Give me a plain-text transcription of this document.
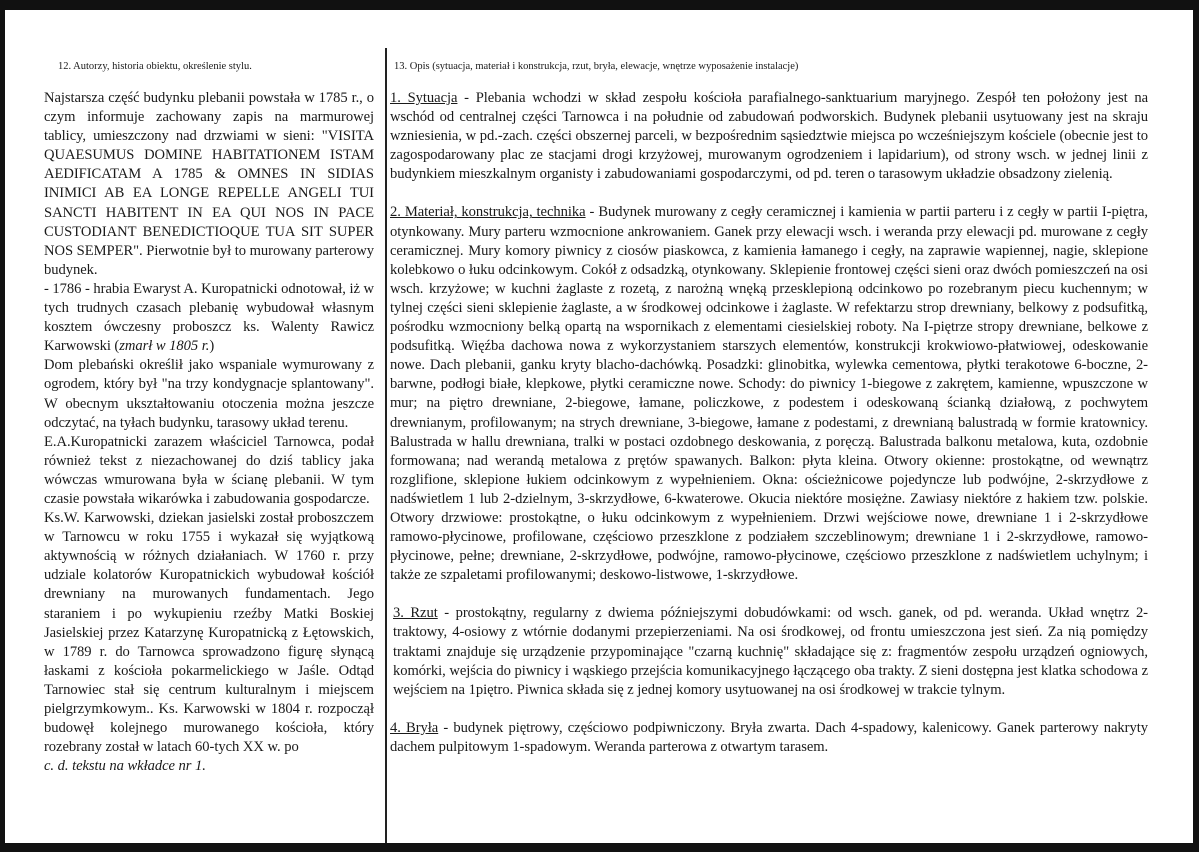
12. Autorzy, historia obiektu, określenie stylu.

Najstarsza część budynku plebanii powstała w 1785 r., o czym informuje zachowany zapis na marmurowej tablicy, umieszczony nad drzwiami w sieni: "VISITA QUAESUMUS DOMINE HABITATIONEM ISTAM AEDIFICATAM A 1785 & OMNES IN SIDIAS INIMICI AB EA LONGE REPELLE ANGELI TUI SANCTI HABITENT IN EA QUI NOS IN PACE CUSTODIANT BENEDICTIOQUE TUA SIT SUPER NOS SEMPER". Pierwotnie był to murowany parterowy budynek.

- 1786 - hrabia Ewaryst A. Kuropatnicki odnotował, iż w tych trudnych czasach plebanię wybudował własnym kosztem ówczesny proboszcz ks. Walenty Rawicz Karwowski (zmarł w 1805 r.)

Dom plebański określił jako wspaniale wymurowany z ogrodem, który był "na trzy kondygnacje splantowany". W obecnym ukształtowaniu otoczenia można jeszcze odczytać, na tyłach budynku, tarasowy układ terenu.

E.A.Kuropatnicki zarazem właściciel Tarnowca, podał również tekst z niezachowanej do dziś tablicy jaka wówczas wmurowana była w ścianę plebanii. W tym czasie powstała wikarówka i zabudowania gospodarcze.

Ks.W. Karwowski, dziekan jasielski został proboszczem w Tarnowcu w roku 1755 i wykazał się wyjątkową aktywnością w różnych działaniach. W 1760 r. przy udziale kolatorów Kuropatnickich wybudował kościół drewniany na murowanych fundamentach. Jego staraniem i po wykupieniu rzeźby Matki Boskiej Jasielskiej przez Katarzynę Kuropatnicką z Łętowskich, w 1789 r. do Tarnowca sprowadzono figurę słynącą łaskami z kościoła pokarmelickiego w Jaśle. Odtąd Tarnowiec stał się centrum kulturalnym i miejscem pielgrzymkowym.. Ks. Karwowski w 1804 r. rozpoczął budowęł kolejnego murowanego kościoła, który rozebrany został w latach 60-tych XX w. po

c. d. tekstu na wkładce nr 1.

13. Opis (sytuacja, materiał i konstrukcja, rzut, bryła, elewacje, wnętrze wyposażenie instalacje)

1. Sytuacja - Plebania wchodzi w skład zespołu kościoła parafialnego-sanktuarium maryjnego. Zespół ten położony jest na wschód od centralnej części Tarnowca i na południe od zabudowań podworskich. Budynek plebanii usytuowany jest na skraju wzniesienia, w pd.-zach. części obszernej parceli, w bezpośrednim sąsiedztwie miejsca po wcześniejszym kościele (obecnie jest to zagospodarowany plac ze stacjami drogi krzyżowej, murowanym ogrodzeniem i lapidarium), od strony wsch. w jednej linii z budynkiem mieszkalnym organisty i zabudowaniami gospodarczymi, od pd. teren o tarasowym układzie obsadzony zielenią.

2. Materiał, konstrukcja, technika - Budynek murowany z cegły ceramicznej i kamienia w partii parteru i z cegły w partii I-piętra, otynkowany. Mury parteru wzmocnione ankrowaniem. Ganek przy elewacji wsch. i weranda przy elewacji pd. murowane z cegły ceramicznej. Mury komory piwnicy z ciosów piaskowca, z kamienia łamanego i cegły, na zaprawie wapiennej, nagie, sklepione kolebkowo o łuku odcinkowym. Cokół z odsadzką, otynkowany. Sklepienie frontowej części sieni oraz dwóch pomieszczeń na osi wsch. krzyżowe; w kuchni żaglaste z rozetą, z narożną wnęką przesklepioną odcinkowo po rozebranym piecu kuchennym; w tylnej części sieni sklepienie żaglaste, a w środkowej odcinkowe i żaglaste. W refektarzu strop drewniany, belkowy z podsufitką, pośrodku wzmocniony belką opartą na wspornikach z elementami ciesielskiej roboty. Na I-piętrze stropy drewniane, belkowe z podsufitką. Więźba dachowa nowa z wykorzystaniem starszych elementów, konstrukcji krokwiowo-płatwiowej, odeskowanie nowe. Dach plebanii, ganku kryty blacho-dachówką. Posadzki: glinobitka, wylewka cementowa, płytki terakotowe 6-boczne, 2-barwne, podłogi białe, klepkowe, płytki ceramiczne nowe. Schody: do piwnicy 1-biegowe z zakrętem, kamienne, wpuszczone w mur; na piętro drewniane, 2-biegowe, łamane, policzkowe, z podestem i odeskowaną ścianką działową, z pochwytem drewnianym, profilowanym; na strych drewniane, 3-biegowe, łamane z podestami, z drewnianą balustradą w formie kratownicy. Balustrada w hallu drewniana, tralki w postaci ozdobnego deskowania, z poręczą. Balustrada balkonu metalowa, kuta, ozdobnie formowana; nad werandą metalowa z prętów spawanych. Balkon: płyta kleina. Otwory okienne: prostokątne, od wewnątrz rozglifione, sklepione łukiem odcinkowym z wypełnieniem. Okna: ościeżnicowe pojedyncze lub podwójne, 2-skrzydłowe z nadświetlem 1 lub 2-dzielnym, 3-skrzydłowe, 6-kwaterowe. Okucia niektóre mosiężne. Zawiasy niektóre z hakiem tzw. polskie. Otwory drzwiowe: prostokątne, o łuku odcinkowym z wypełnieniem. Drzwi wejściowe nowe, drewniane 1 i 2-skrzydłowe ramowo-płycinowe, profilowane, częściowo przeszklone z podziałem szczeblinowym; drewniane 1 i 2-skrzydłowe, ramowo-płycinowe, pełne; drewniane, 2-skrzydłowe, podwójne, ramowo-płycinowe, częściowo przeszklone z nadświetlem uchylnym; i także ze szpaletami profilowanymi; deskowo-listwowe, 1-skrzydłowe.

3. Rzut - prostokątny, regularny z dwiema późniejszymi dobudówkami: od wsch. ganek, od pd. weranda. Układ wnętrz 2-traktowy, 4-osiowy z wtórnie dodanymi przepierzeniami. Na osi środkowej, od frontu umieszczona jest sień. Za nią pomiędzy traktami znajduje się urządzenie przypominające "czarną kuchnię" składające się z: fragmentów zespołu urządzeń ogniowych, komórki, wejścia do piwnicy i wąskiego przejścia komunikacyjnego łączącego oba trakty. Z sieni dostępna jest klatka schodowa z wejściem na 1piętro. Piwnica składa się z jednej komory usytuowanej na osi środkowej w trakcie tylnym.

4. Bryła - budynek piętrowy, częściowo podpiwniczony. Bryła zwarta. Dach 4-spadowy, kalenicowy. Ganek parterowy nakryty dachem pulpitowym 1-spadowym. Weranda parterowa z otwartym tarasem.
